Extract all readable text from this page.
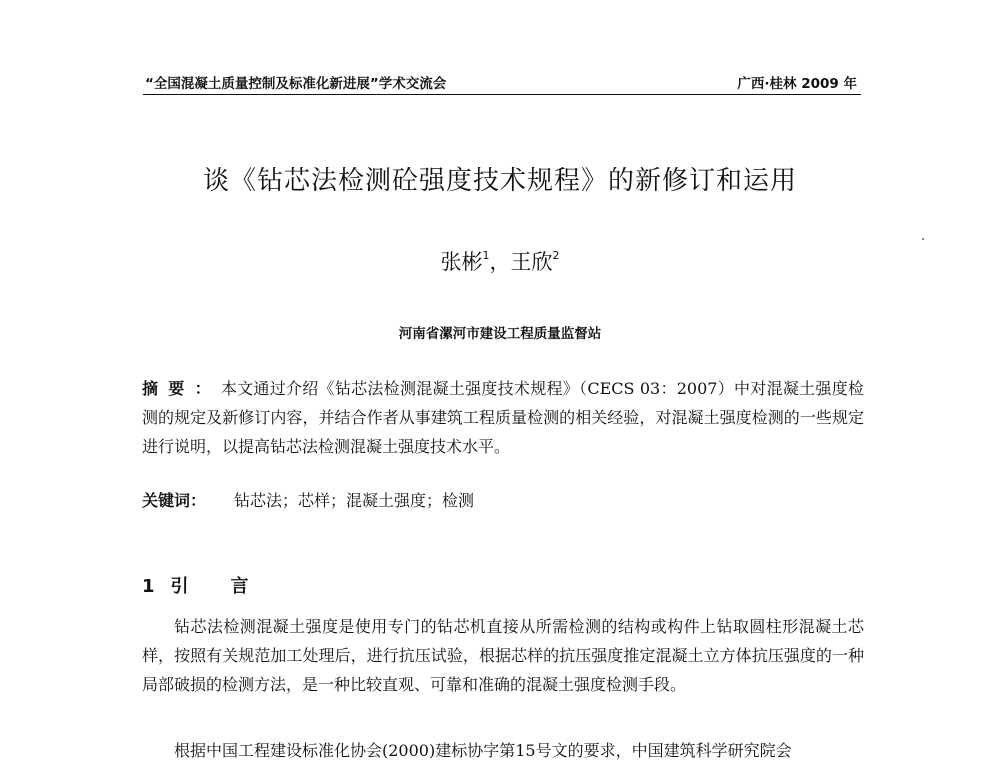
“全国混凝土质量控制及标准化新进展”学术交流会	广西·桂林 2009 年
谈《钻芯法检测砼强度技术规程》的新修订和运用
张彬$^1$，王欣$^2$
河南省漯河市建设工程质量监督站
摘要：本文通过介绍《钻芯法检测混凝土强度技术规程》（CECS 03：2007）中对混凝土强度检测的规定及新修订内容，并结合作者从事建筑工程质量检测的相关经验，对混凝土强度检测的一些规定进行说明，以提高钻芯法检测混凝土强度技术水平。
关键词： 钻芯法；芯样；混凝土强度；检测
1 引言
钻芯法检测混凝土强度是使用专门的钻芯机直接从所需检测的结构或构件上钻取圆柱形混凝土芯样，按照有关规范加工处理后，进行抗压试验，根据芯样的抗压强度推定混凝土立方体抗压强度的一种局部破损的检测方法，是一种比较直观、可靠和准确的混凝土强度检测手段。
根据中国工程建设标准化协会(2000)建标协字第15号文的要求，中国建筑科学研究院会
